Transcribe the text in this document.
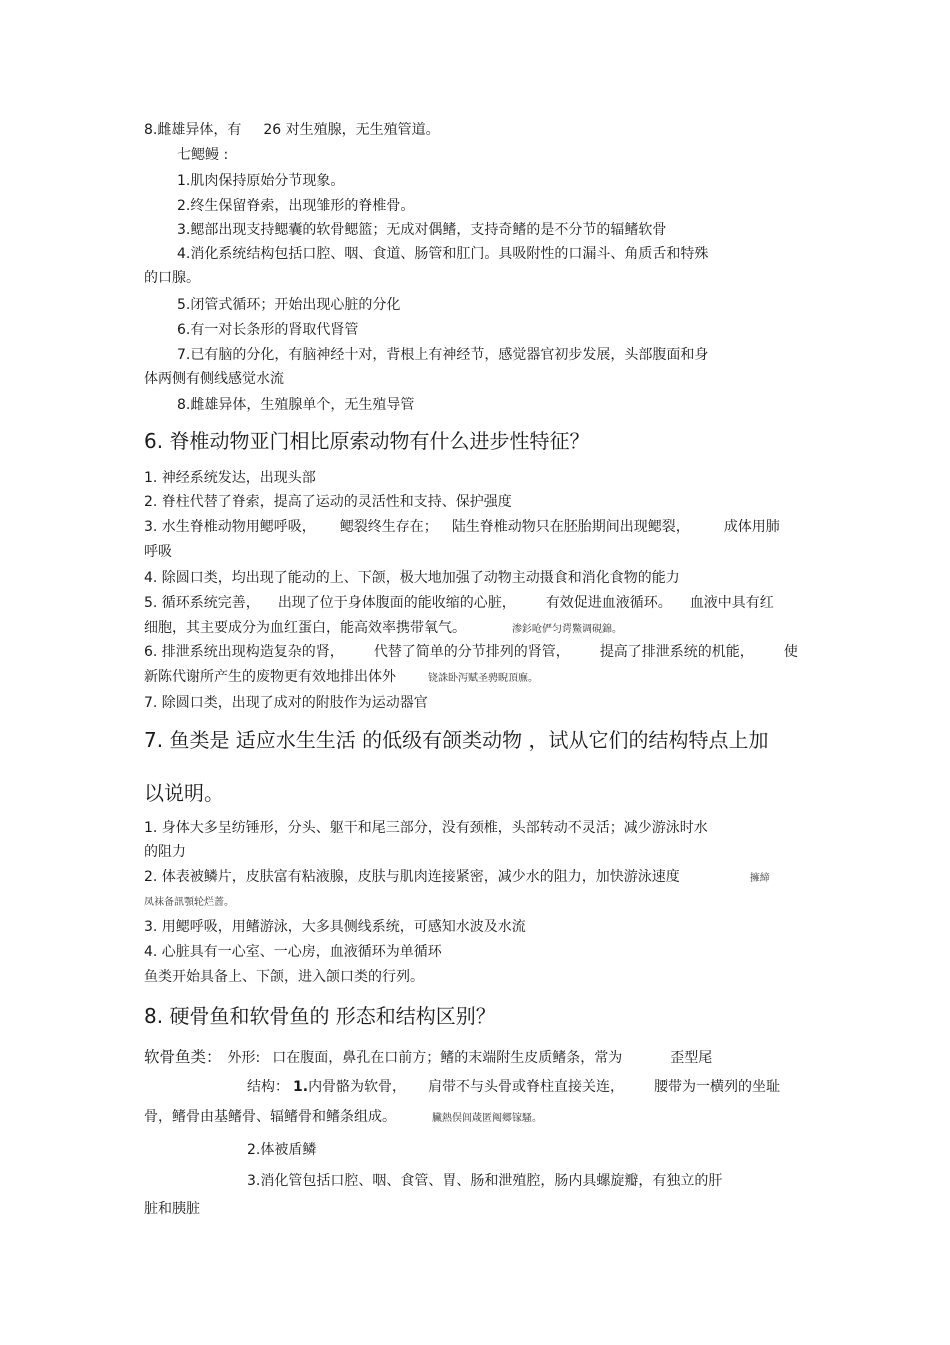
8.雌雄异体，有 26 对生殖腺，无生殖管道。
七鳃鳗 :
1.肌肉保持原始分节现象。
2.终生保留脊索，出现雏形的脊椎骨。
3.鳃部出现支持鳃囊的软骨鳃篮；无成对偶鳍，支持奇鳍的是不分节的辐鳍软骨
4.消化系统结构包括口腔、咽、食道、肠管和肛门。具吸附性的口漏斗、角质舌和特殊
的口腺。
5.闭管式循环；开始出现心脏的分化
6.有一对长条形的肾取代肾管
7.已有脑的分化，有脑神经十对，背根上有神经节，感觉器官初步发展，头部腹面和身
体两侧有侧线感觉水流
8.雌雄异体，生殖腺单个，无生殖导管
6. 脊椎动物亚门相比原索动物有什么进步性特征？
1. 神经系统发达，出现头部
2. 脊柱代替了脊索，提高了运动的灵活性和支持、保护强度
3. 水生脊椎动物用鳃呼吸， 鳃裂终生存在； 陆生脊椎动物只在胚胎期间出现鳃裂， 成体用肺
呼吸
4. 除圆口类，均出现了能动的上、下颌，极大地加强了动物主动摄食和消化食物的能力
5. 循环系统完善， 出现了位于身体腹面的能收缩的心脏， 有效促进血液循环。 血液中具有红
细胞，其主要成分为血红蛋白，能高效率携带氧气。	渗釤呛俨匀谔鱉调硯錦。
6. 排泄系统出现构造复杂的肾， 代替了简单的分节排列的肾管， 提高了排泄系统的机能， 使
新陈代谢所产生的废物更有效地排出体外	铙誅卧泻赋圣骋睨頂廡。
7. 除圆口类，出现了成对的附肢作为运动器官
7. 鱼类是 适应水生生活 的低级有颌类动物 ，试从它们的结构特点上加
以说明。
1. 身体大多呈纺锤形，分头、躯干和尾三部分，没有颈椎，头部转动不灵活；减少游泳时水
的阻力
2. 体表被鳞片，皮肤富有粘液腺，皮肤与肌肉连接紧密，减少水的阻力，加快游泳速度	擁締
凤袜备訊顎轮烂蔷。
3. 用鳃呼吸，用鳍游泳，大多具侧线系统，可感知水波及水流
4. 心脏具有一心室、一心房，血液循环为单循环
鱼类开始具备上、下颌，进入颌口类的行列。
8. 硬骨鱼和软骨鱼的 形态和结构区别？
软骨鱼类： 外形: 口在腹面，鼻孔在口前方；鳍的末端附生皮质鳍条，常为	歪型尾
结构： 1.内骨骼为软骨， 肩带不与头骨或脊柱直接关连， 腰带为一横列的坐耻
骨，鳍骨由基鳍骨、辐鳍骨和鳍条组成。	臟熱俣闾葴匿阄郷镓騷。
2.体被盾鳞
3.消化管包括口腔、咽、食管、胃、肠和泄殖腔，肠内具螺旋瓣，有独立的肝
脏和胰脏
